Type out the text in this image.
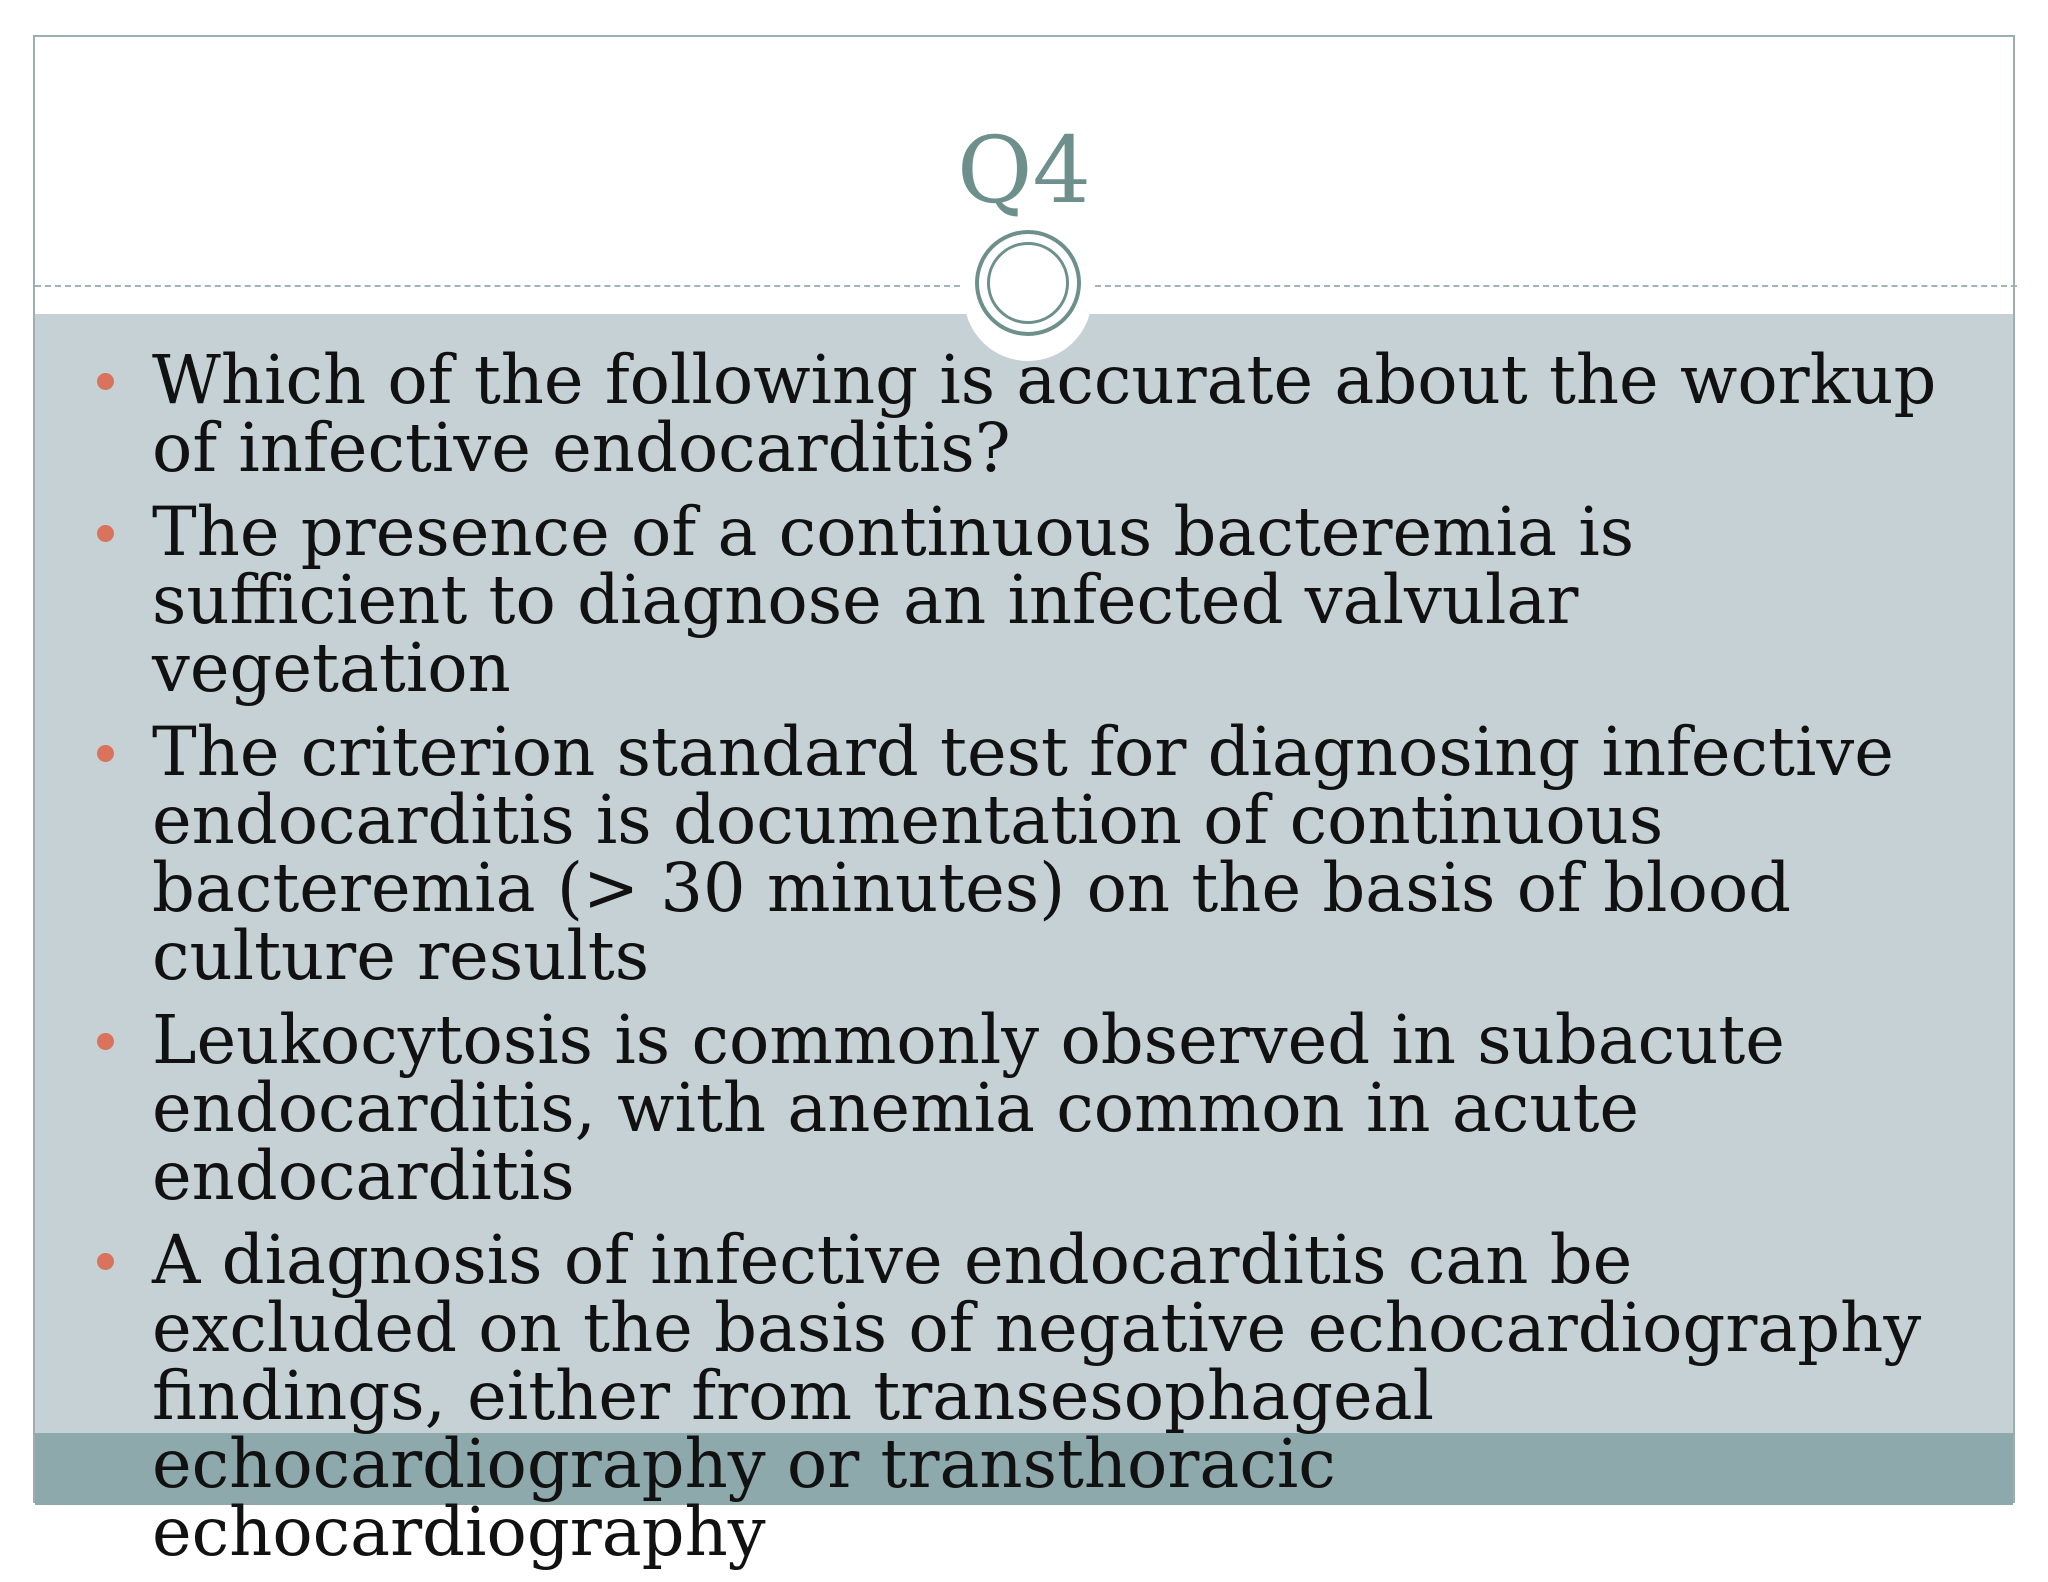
Q4
Which of the following is accurate about the workup of infective endocarditis?
The presence of a continuous bacteremia is sufficient to diagnose an infected valvular vegetation
The criterion standard test for diagnosing infective endocarditis is documentation of continuous bacteremia (> 30 minutes) on the basis of blood culture results
Leukocytosis is commonly observed in subacute endocarditis, with anemia common in acute endocarditis
A diagnosis of infective endocarditis can be excluded on the basis of negative echocardiography findings, either from transesophageal echocardiography or transthoracic echocardiography
